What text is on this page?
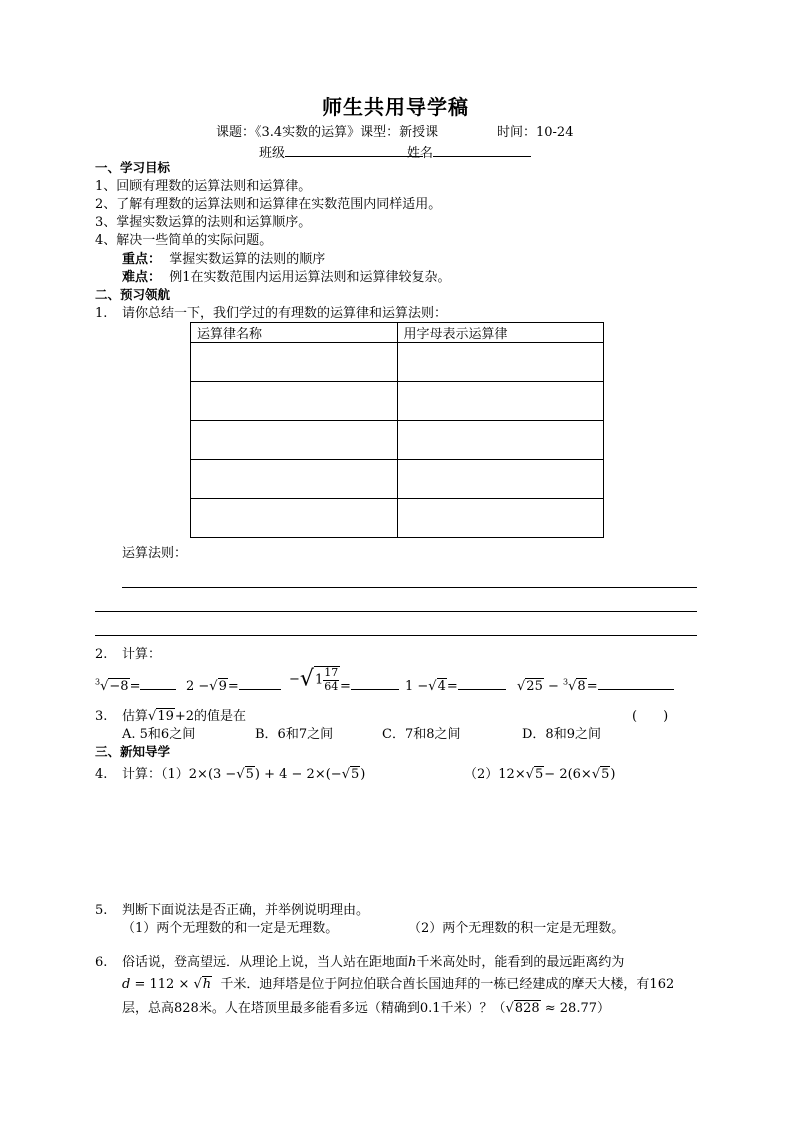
师生共用导学稿
课题：《3.4实数的运算》课型：新授课	时间：10-24
班级	姓名
一、学习目标
1、回顾有理数的运算法则和运算律。
2、了解有理数的运算法则和运算律在实数范围内同样适用。
3、掌握实数运算的法则和运算顺序。
4、解决一些简单的实际问题。
重点： 掌握实数运算的法则的顺序
难点： 例1在实数范围内运用运算法则和运算律较复杂。
二、预习领航
1. 请你总结一下，我们学过的有理数的运算律和运算法则：
运算律名称	用字母表示运算律

运算法则：
2. 计算：
$^3$√−8=	2 −√9=	$-√1 \frac{17}{64}$ =	1 −√4=	√25 − $^3$√8=
3. 估算√19+2的值是在	(　　)
A. 5和6之间	B．6和7之间	C．7和8之间	D．8和9之间
三、新知导学
4. 计算：（1）2×(3 −√5) + 4 − 2×(−√5)	（2）12×√5− 2(6×√5)
5. 判断下面说法是否正确，并举例说明理由。
（1）两个无理数的和一定是无理数。	（2）两个无理数的积一定是无理数。
6. 俗话说，登高望远．从理论上说，当人站在距地面h千米高处时，能看到的最远距离约为
d = 112 × √h 千米．迪拜塔是位于阿拉伯联合酋长国迪拜的一栋已经建成的摩天大楼，有162
层，总高828米。人在塔顶里最多能看多远（精确到0.1千米）？（√828 ≈ 28.77）
